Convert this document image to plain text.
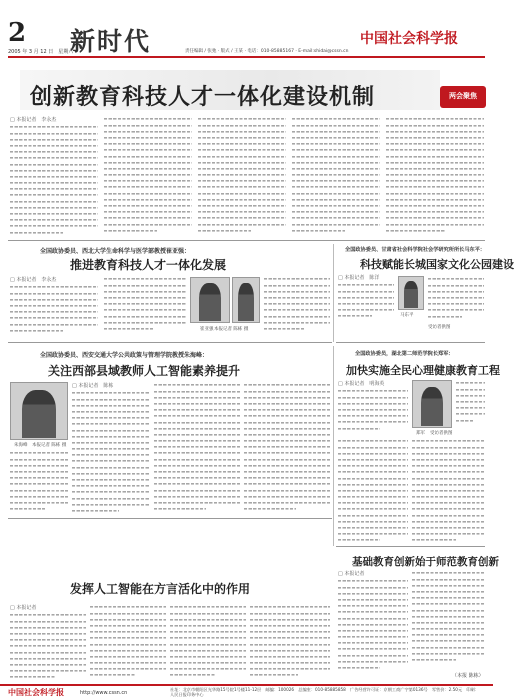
2
2005 年 3 月 12 日　星期六
新时代	责任编辑 / 张弛 · 版式 / 王某 · 电话：010-85885167 · E-mail:shidai@cssn.cn
中国社会科学报
创新教育科技人才一体化建设机制	两会聚焦
□ 本报记者　李永杰
全国政协委员、西北大学生命科学与医学部教授崔亚强：
推进教育科技人才一体化发展
□ 本报记者　李永杰
崔亚强 本报记者 陈栋 摄
全国政协委员、甘肃省社会科学院社会学研究所所长马东平：
科技赋能长城国家文化公园建设
□ 本报记者　陈洋
马东平
受访者供图
全国政协委员、西安交通大学公共政策与管理学院教授朱海峰：
关注西部县域教师人工智能素养提升
朱海峰 本报记者 陈栋 摄
□ 本报记者　陈栋
全国政协委员，湖北第二师范学院长郑军：
加快实施全民心理健康教育工程
□ 本报记者　明海英
郑军 受访者供图
基础教育创新始于师范教育创新
□ 本报记者
（本报 陈栋）
发挥人工智能在方言活化中的作用
□ 本报记者
中国社会科学报	http://www.cssn.cn
社址：北京市朝阳区光华路15号院1号楼11-12层　邮编：100026　总编室：010-85885858　广告经营许可证：京朝工商广字第0136号　零售价：2.50元　印刷：人民日报印务中心
